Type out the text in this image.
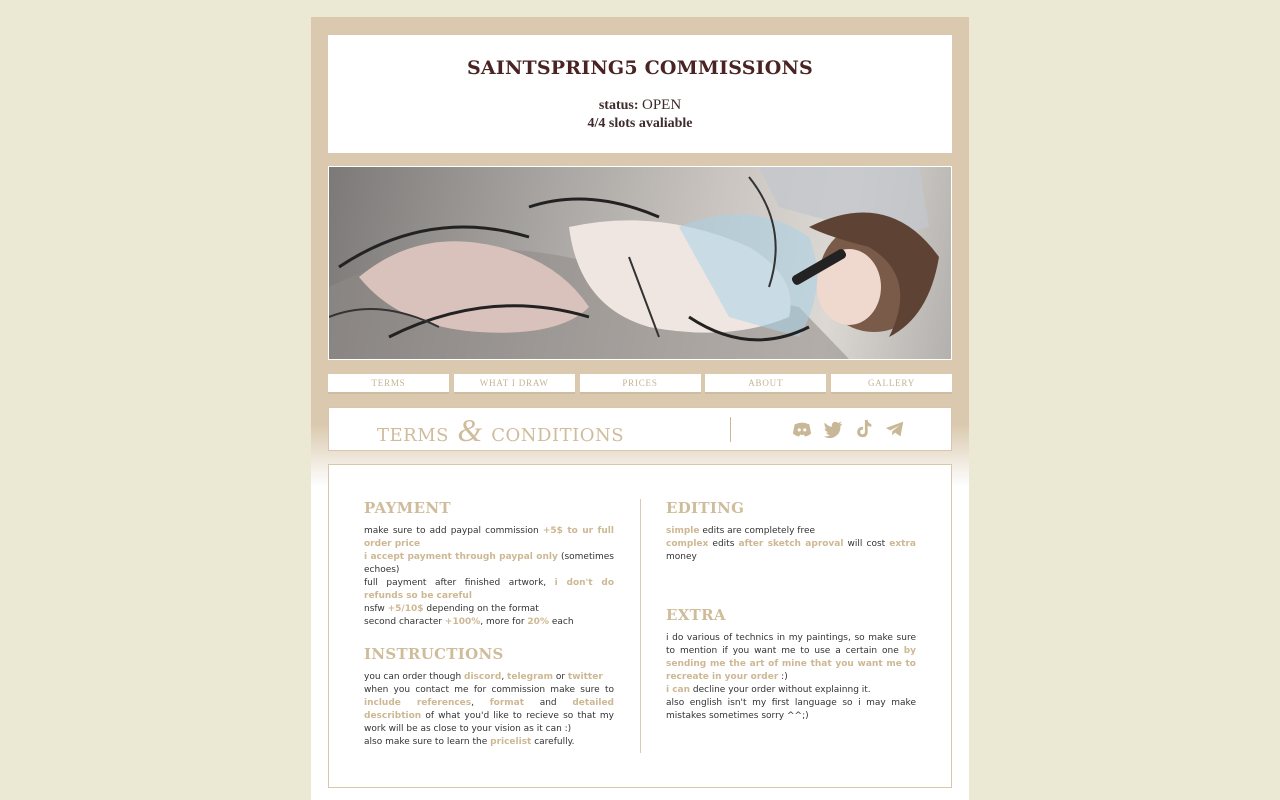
SAINTSPRING5 COMMISSIONS
status: OPEN
4/4 slots avaliable
TERMS	WHAT I DRAW	PRICES	ABOUT	GALLERY
terms & conditions
PAYMENT

make sure to add paypal commission +5$ to ur full order price
i accept payment through paypal only (sometimes echoes)
full payment after finished artwork, i don't do refunds so be careful
nsfw +5/10$ depending on the format
second character +100%, more for 20% each

INSTRUCTIONS

you can order though discord, telegram or twitter
when you contact me for commission make sure to include references, format and detailed describtion of what you'd like to recieve so that my work will be as close to your vision as it can :)
also make sure to learn the pricelist carefully.

EDITING

simple edits are completely free
complex edits after sketch aproval will cost extra money

EXTRA

i do various of technics in my paintings, so make sure to mention if you want me to use a certain one by sending me the art of mine that you want me to recreate in your order :)
i can decline your order without explainng it.
also english isn't my first language so i may make mistakes sometimes sorry ^^;)
